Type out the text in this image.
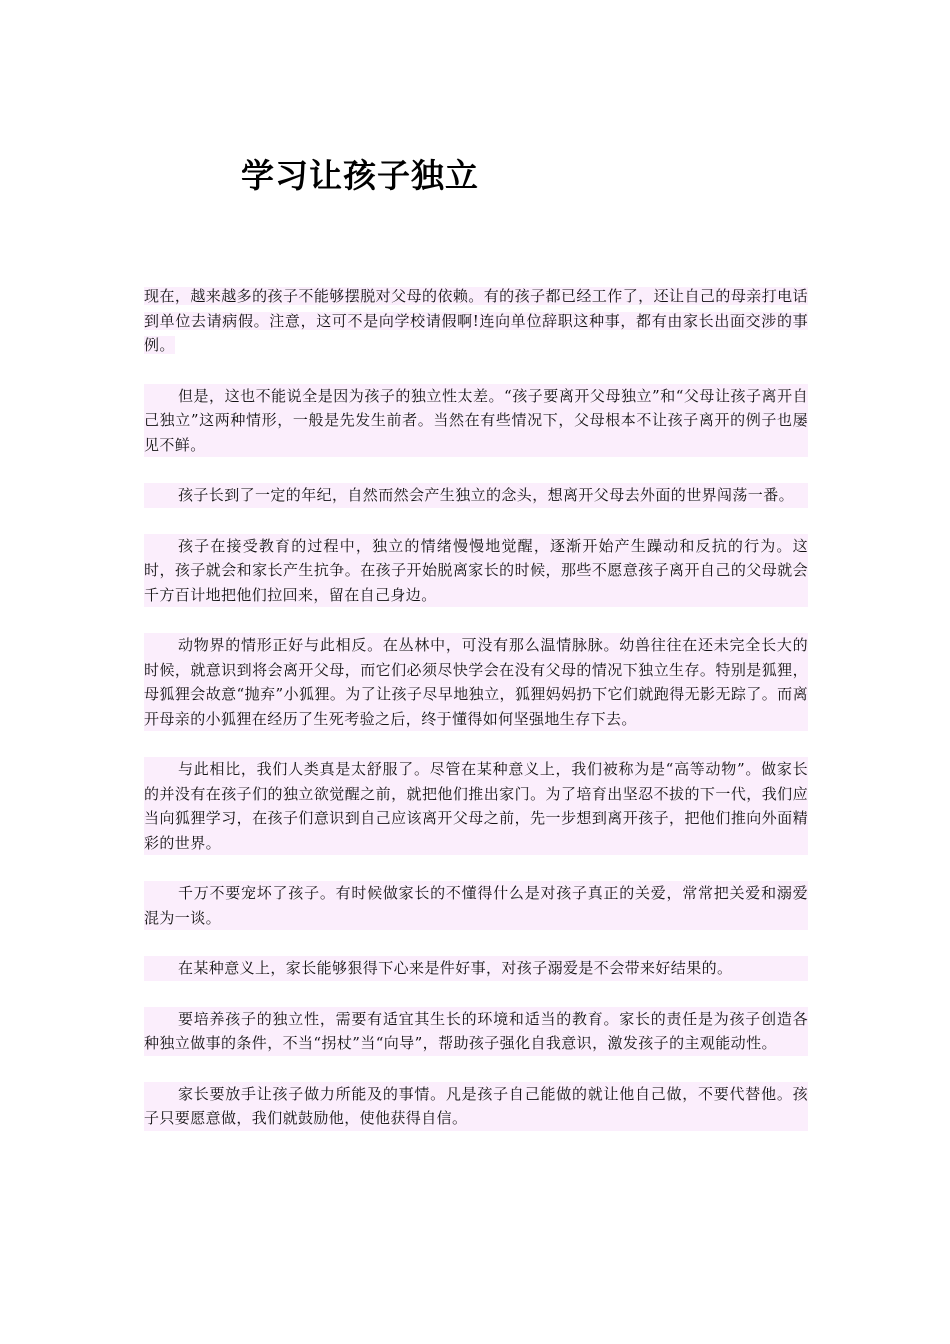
学习让孩子独立

现在，越来越多的孩子不能够摆脱对父母的依赖。有的孩子都已经工作了，还让自己的母亲打电话到单位去请病假。注意，这可不是向学校请假啊!连向单位辞职这种事，都有由家长出面交涉的事例。

但是，这也不能说全是因为孩子的独立性太差。“孩子要离开父母独立”和“父母让孩子离开自己独立”这两种情形，一般是先发生前者。当然在有些情况下，父母根本不让孩子离开的例子也屡见不鲜。

孩子长到了一定的年纪，自然而然会产生独立的念头，想离开父母去外面的世界闯荡一番。

孩子在接受教育的过程中，独立的情绪慢慢地觉醒，逐渐开始产生躁动和反抗的行为。这时，孩子就会和家长产生抗争。在孩子开始脱离家长的时候，那些不愿意孩子离开自己的父母就会千方百计地把他们拉回来，留在自己身边。

动物界的情形正好与此相反。在丛林中，可没有那么温情脉脉。幼兽往往在还未完全长大的时候，就意识到将会离开父母，而它们必须尽快学会在没有父母的情况下独立生存。特别是狐狸，母狐狸会故意“抛弃”小狐狸。为了让孩子尽早地独立，狐狸妈妈扔下它们就跑得无影无踪了。而离开母亲的小狐狸在经历了生死考验之后，终于懂得如何坚强地生存下去。

与此相比，我们人类真是太舒服了。尽管在某种意义上，我们被称为是“高等动物”。做家长的并没有在孩子们的独立欲觉醒之前，就把他们推出家门。为了培育出坚忍不拔的下一代，我们应当向狐狸学习，在孩子们意识到自己应该离开父母之前，先一步想到离开孩子，把他们推向外面精彩的世界。

千万不要宠坏了孩子。有时候做家长的不懂得什么是对孩子真正的关爱，常常把关爱和溺爱混为一谈。

在某种意义上，家长能够狠得下心来是件好事，对孩子溺爱是不会带来好结果的。

要培养孩子的独立性，需要有适宜其生长的环境和适当的教育。家长的责任是为孩子创造各种独立做事的条件，不当“拐杖”当“向导”，帮助孩子强化自我意识，激发孩子的主观能动性。

家长要放手让孩子做力所能及的事情。凡是孩子自己能做的就让他自己做，不要代替他。孩子只要愿意做，我们就鼓励他，使他获得自信。
